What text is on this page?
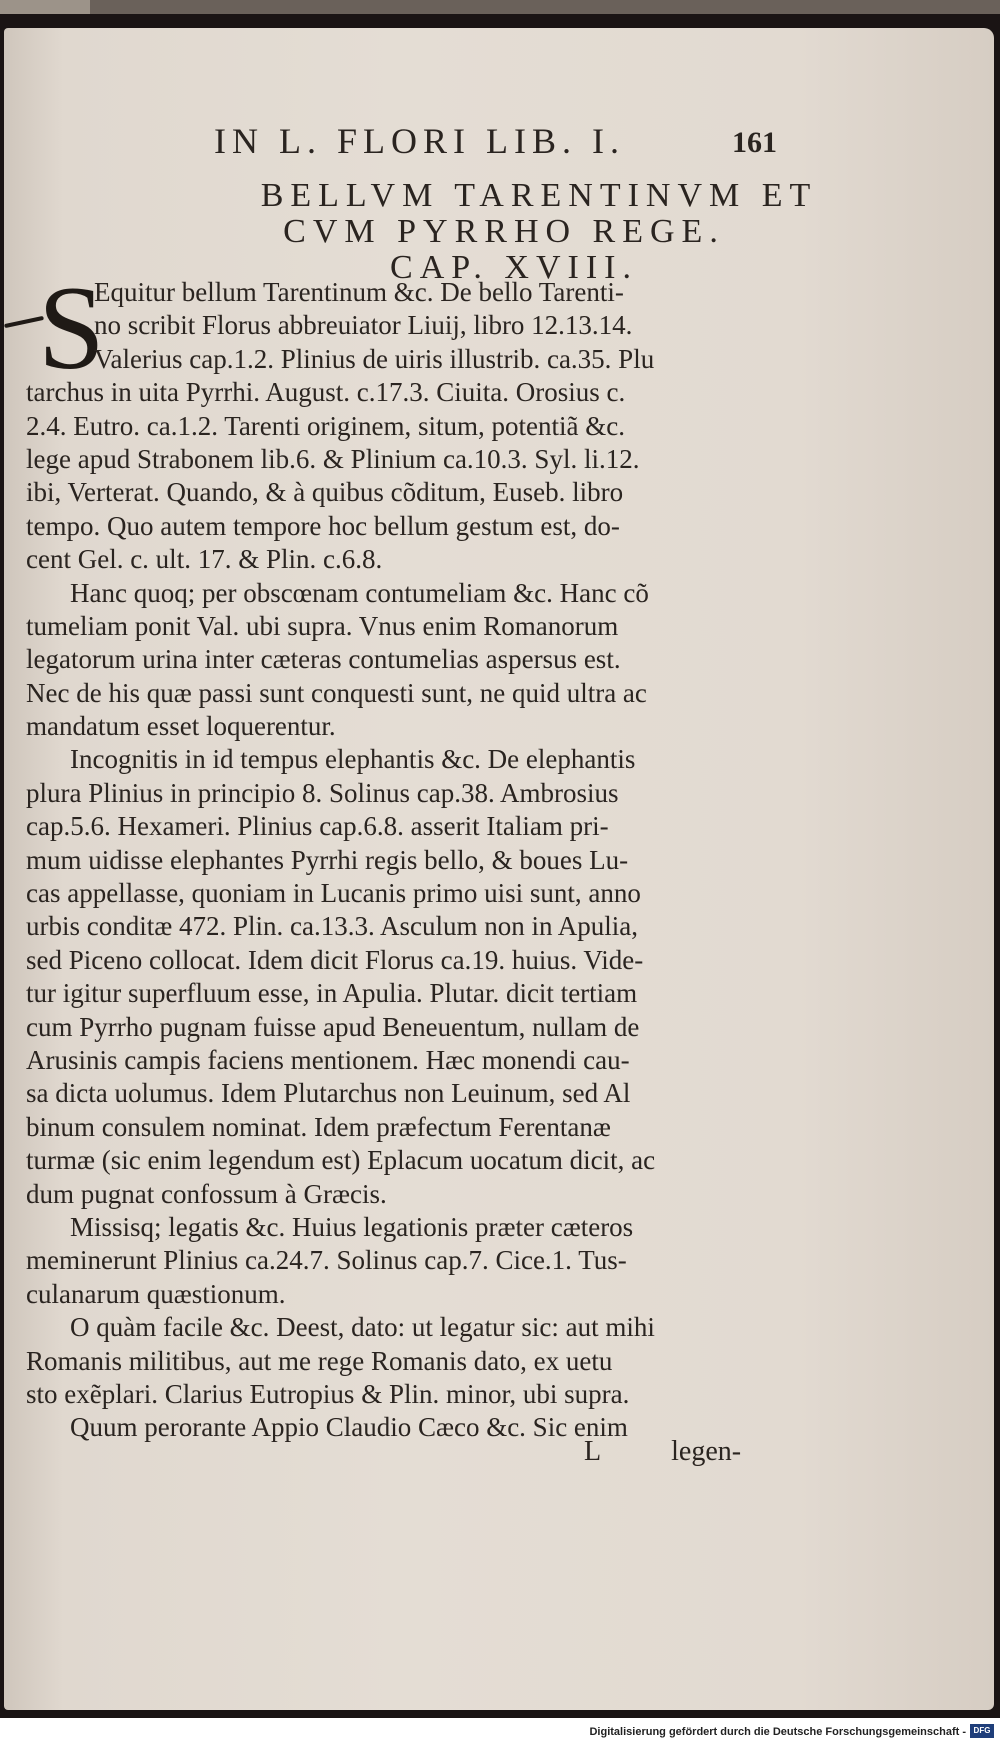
IN L. FLORI LIB. I.	161
BELLVM TARENTINVM ET
CVM PYRRHO REGE.
CAP. XVIII.
S
Equitur bellum Tarentinum &c. De bello Tarenti-
no scribit Florus abbreuiator Liuij, libro 12.13.14.
Valerius cap.1.2. Plinius de uiris illustrib. ca.35. Plu
tarchus in uita Pyrrhi. August. c.17.3. Ciuita. Orosius c.
2.4. Eutro. ca.1.2. Tarenti originem, situm, potentiã &c.
lege apud Strabonem lib.6. & Plinium ca.10.3. Syl. li.12.
ibi, Verterat. Quando, & à quibus cõditum, Euseb. libro
tempo. Quo autem tempore hoc bellum gestum est, do-
cent Gel. c. ult. 17. & Plin. c.6.8.
Hanc quoq; per obscœnam contumeliam &c. Hanc cõ
tumeliam ponit Val. ubi supra. Vnus enim Romanorum
legatorum urina inter cæteras contumelias aspersus est.
Nec de his quæ passi sunt conquesti sunt, ne quid ultra ac
mandatum esset loquerentur.
Incognitis in id tempus elephantis &c. De elephantis
plura Plinius in principio 8. Solinus cap.38. Ambrosius
cap.5.6. Hexameri. Plinius cap.6.8. asserit Italiam pri-
mum uidisse elephantes Pyrrhi regis bello, & boues Lu-
cas appellasse, quoniam in Lucanis primo uisi sunt, anno
urbis conditæ 472. Plin. ca.13.3. Asculum non in Apulia,
sed Piceno collocat. Idem dicit Florus ca.19. huius. Vide-
tur igitur superfluum esse, in Apulia. Plutar. dicit tertiam
cum Pyrrho pugnam fuisse apud Beneuentum, nullam de
Arusinis campis faciens mentionem. Hæc monendi cau-
sa dicta uolumus. Idem Plutarchus non Leuinum, sed Al
binum consulem nominat. Idem præfectum Ferentanæ
turmæ (sic enim legendum est) Eplacum uocatum dicit, ac
dum pugnat confossum à Græcis.
Missisq; legatis &c. Huius legationis præter cæteros
meminerunt Plinius ca.24.7. Solinus cap.7. Cice.1. Tus-
culanarum quæstionum.
O quàm facile &c. Deest, dato: ut legatur sic: aut mihi
Romanis militibus, aut me rege Romanis dato, ex uetu
sto exẽplari. Clarius Eutropius & Plin. minor, ubi supra.
Quum perorante Appio Claudio Cæco &c. Sic enim
L	legen-
Digitalisierung gefördert durch die Deutsche Forschungsgemeinschaft - DFG
